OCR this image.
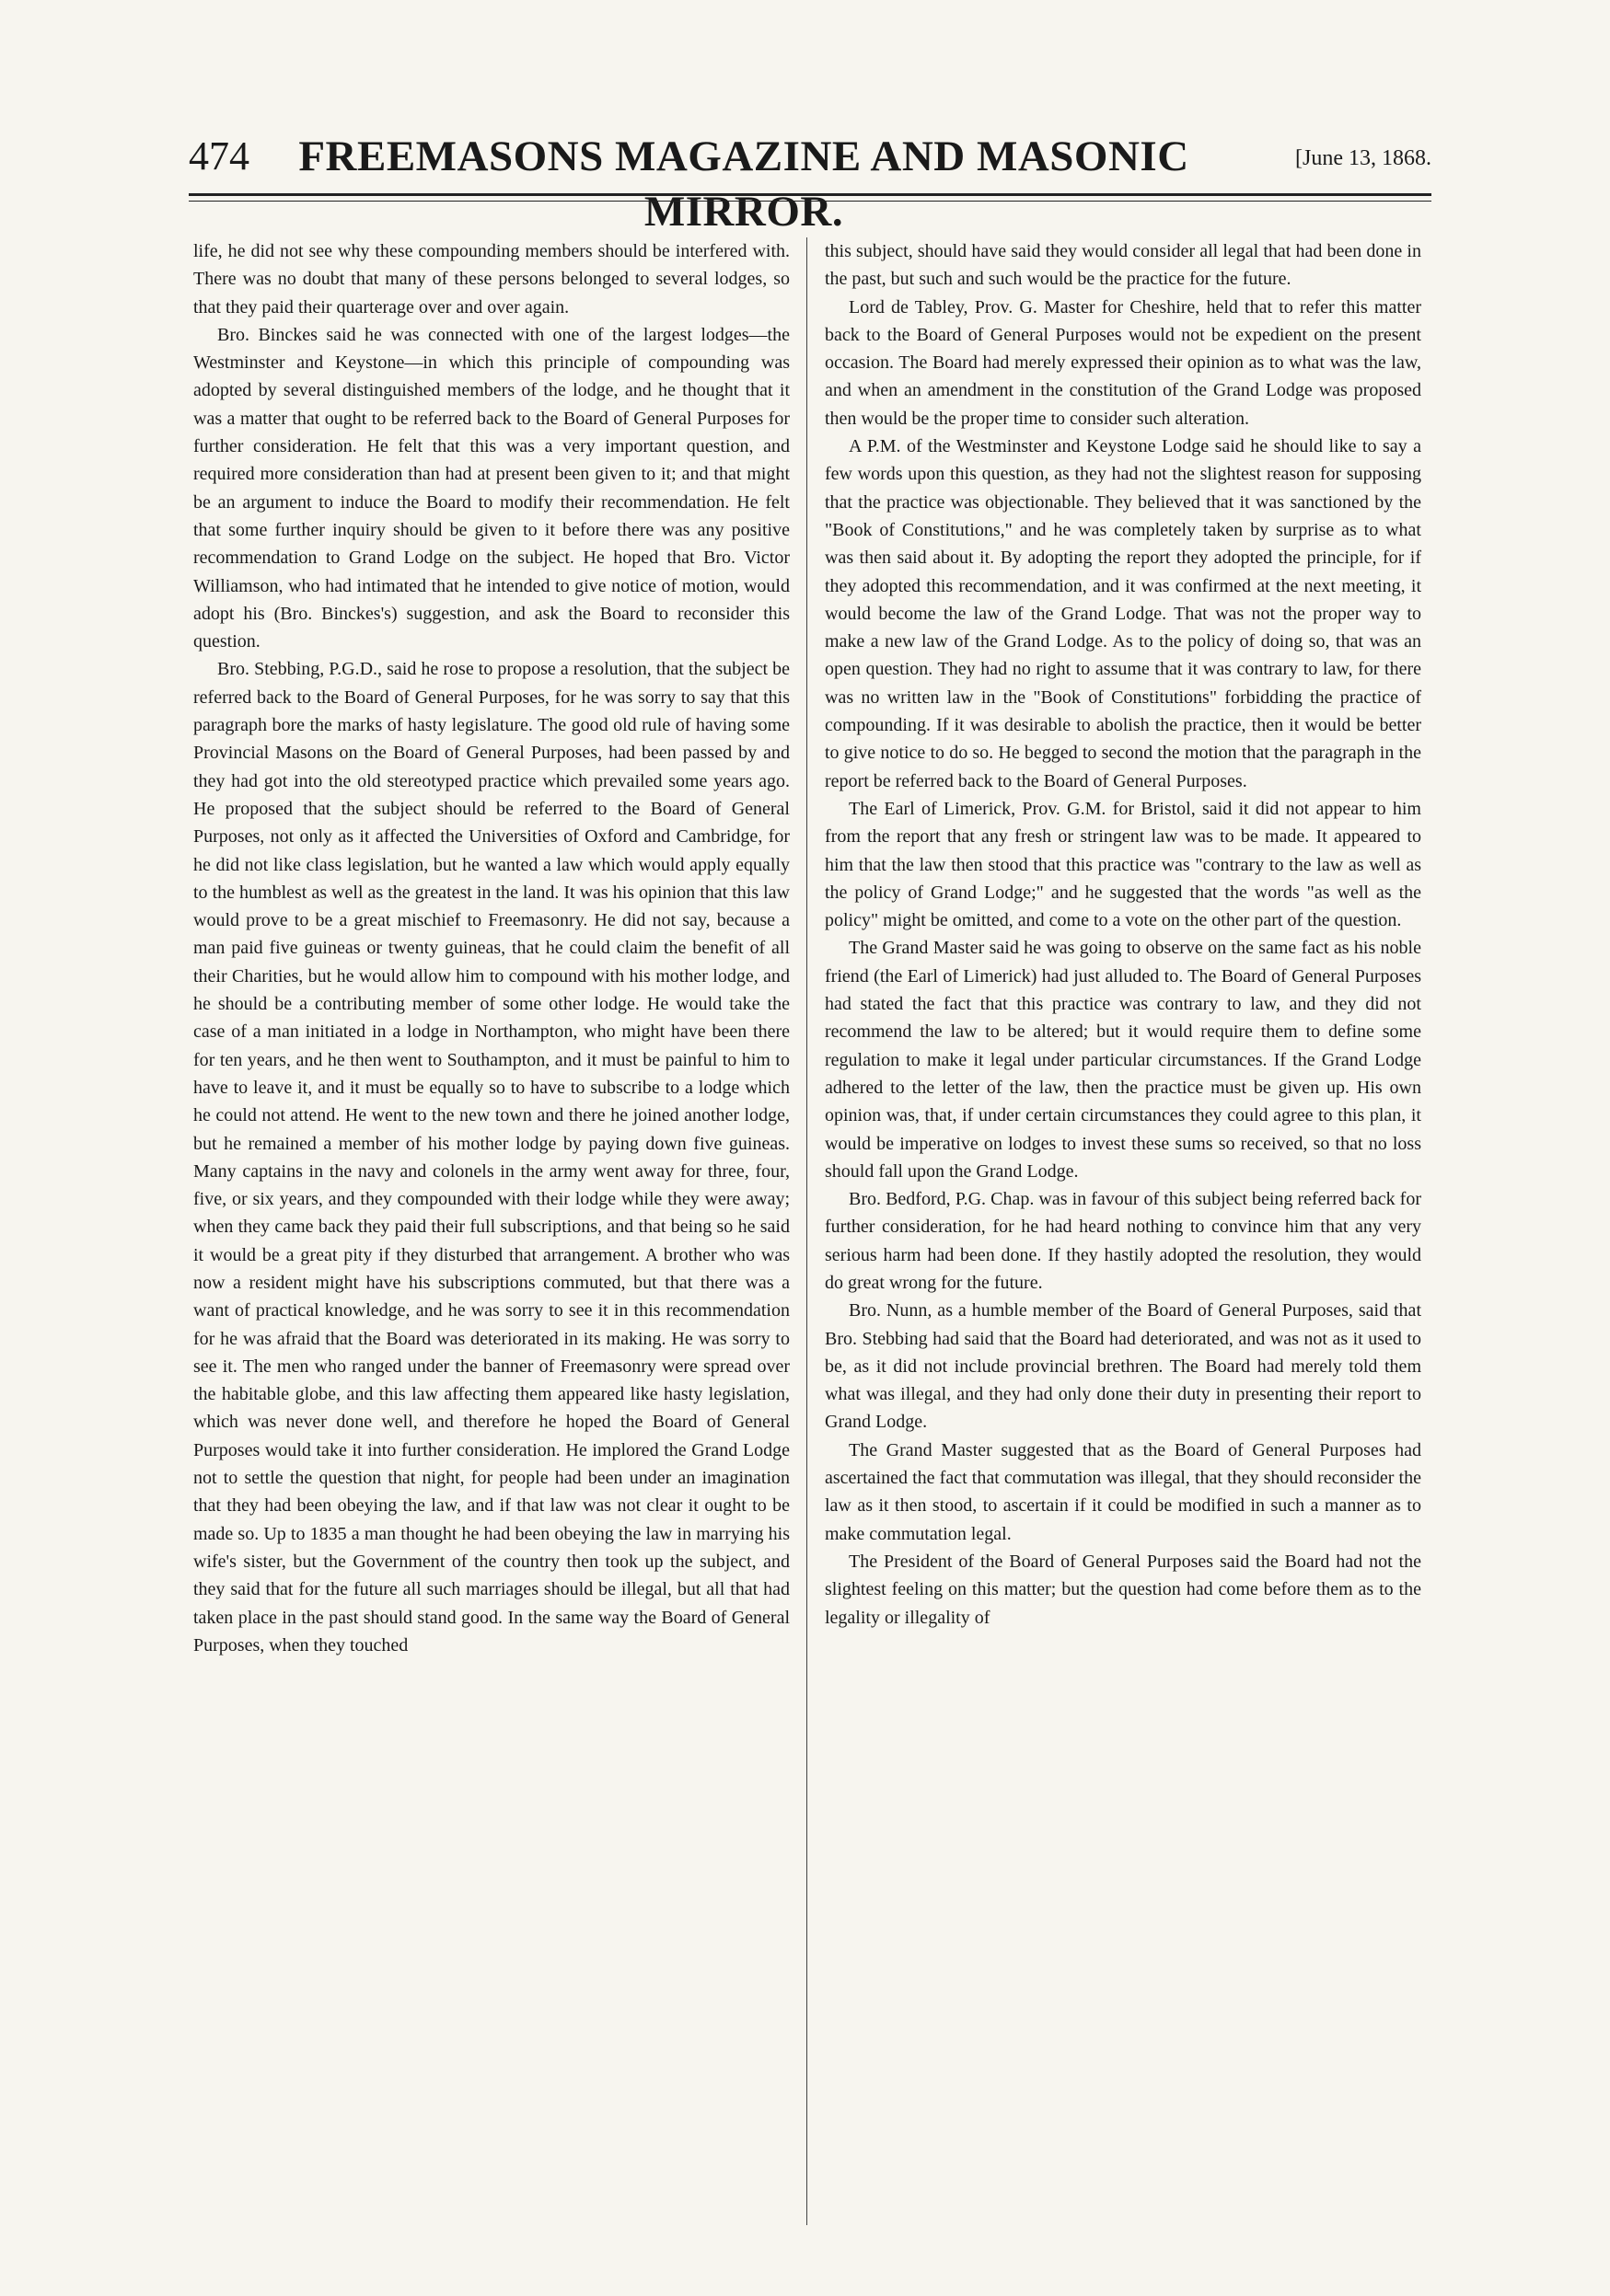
474	FREEMASONS MAGAZINE AND MASONIC MIRROR.
[June 13, 1868.

life, he did not see why these compounding members should be interfered with. There was no doubt that many of these persons belonged to several lodges, so that they paid their quarterage over and over again.

Bro. Binckes said he was connected with one of the largest lodges—the Westminster and Keystone—in which this principle of compounding was adopted by several distinguished members of the lodge, and he thought that it was a matter that ought to be referred back to the Board of General Purposes for further consideration. He felt that this was a very important question, and required more consideration than had at present been given to it; and that might be an argument to induce the Board to modify their recommendation. He felt that some further inquiry should be given to it before there was any positive recommendation to Grand Lodge on the subject. He hoped that Bro. Victor Williamson, who had intimated that he intended to give notice of motion, would adopt his (Bro. Binckes's) suggestion, and ask the Board to reconsider this question.

Bro. Stebbing, P.G.D., said he rose to propose a resolution, that the subject be referred back to the Board of General Purposes, for he was sorry to say that this paragraph bore the marks of hasty legislature. The good old rule of having some Provincial Masons on the Board of General Purposes, had been passed by and they had got into the old stereotyped practice which prevailed some years ago. He proposed that the subject should be referred to the Board of General Purposes, not only as it affected the Universities of Oxford and Cambridge, for he did not like class legislation, but he wanted a law which would apply equally to the humblest as well as the greatest in the land. It was his opinion that this law would prove to be a great mischief to Freemasonry. He did not say, because a man paid five guineas or twenty guineas, that he could claim the benefit of all their Charities, but he would allow him to compound with his mother lodge, and he should be a contributing member of some other lodge. He would take the case of a man initiated in a lodge in Northampton, who might have been there for ten years, and he then went to Southampton, and it must be painful to him to have to leave it, and it must be equally so to have to subscribe to a lodge which he could not attend. He went to the new town and there he joined another lodge, but he remained a member of his mother lodge by paying down five guineas. Many captains in the navy and colonels in the army went away for three, four, five, or six years, and they compounded with their lodge while they were away; when they came back they paid their full subscriptions, and that being so he said it would be a great pity if they disturbed that arrangement. A brother who was now a resident might have his subscriptions commuted, but that there was a want of practical knowledge, and he was sorry to see it in this recommendation for he was afraid that the Board was deteriorated in its making. He was sorry to see it. The men who ranged under the banner of Freemasonry were spread over the habitable globe, and this law affecting them appeared like hasty legislation, which was never done well, and therefore he hoped the Board of General Purposes would take it into further consideration. He implored the Grand Lodge not to settle the question that night, for people had been under an imagination that they had been obeying the law, and if that law was not clear it ought to be made so. Up to 1835 a man thought he had been obeying the law in marrying his wife's sister, but the Government of the country then took up the subject, and they said that for the future all such marriages should be illegal, but all that had taken place in the past should stand good. In the same way the Board of General Purposes, when they touched

this subject, should have said they would consider all legal that had been done in the past, but such and such would be the practice for the future.

Lord de Tabley, Prov. G. Master for Cheshire, held that to refer this matter back to the Board of General Purposes would not be expedient on the present occasion. The Board had merely expressed their opinion as to what was the law, and when an amendment in the constitution of the Grand Lodge was proposed then would be the proper time to consider such alteration.

A P.M. of the Westminster and Keystone Lodge said he should like to say a few words upon this question, as they had not the slightest reason for supposing that the practice was objectionable. They believed that it was sanctioned by the "Book of Constitutions," and he was completely taken by surprise as to what was then said about it. By adopting the report they adopted the principle, for if they adopted this recommendation, and it was confirmed at the next meeting, it would become the law of the Grand Lodge. That was not the proper way to make a new law of the Grand Lodge. As to the policy of doing so, that was an open question. They had no right to assume that it was contrary to law, for there was no written law in the "Book of Constitutions" forbidding the practice of compounding. If it was desirable to abolish the practice, then it would be better to give notice to do so. He begged to second the motion that the paragraph in the report be referred back to the Board of General Purposes.

The Earl of Limerick, Prov. G.M. for Bristol, said it did not appear to him from the report that any fresh or stringent law was to be made. It appeared to him that the law then stood that this practice was "contrary to the law as well as the policy of Grand Lodge;" and he suggested that the words "as well as the policy" might be omitted, and come to a vote on the other part of the question.

The Grand Master said he was going to observe on the same fact as his noble friend (the Earl of Limerick) had just alluded to. The Board of General Purposes had stated the fact that this practice was contrary to law, and they did not recommend the law to be altered; but it would require them to define some regulation to make it legal under particular circumstances. If the Grand Lodge adhered to the letter of the law, then the practice must be given up. His own opinion was, that, if under certain circumstances they could agree to this plan, it would be imperative on lodges to invest these sums so received, so that no loss should fall upon the Grand Lodge.

Bro. Bedford, P.G. Chap. was in favour of this subject being referred back for further consideration, for he had heard nothing to convince him that any very serious harm had been done. If they hastily adopted the resolution, they would do great wrong for the future.

Bro. Nunn, as a humble member of the Board of General Purposes, said that Bro. Stebbing had said that the Board had deteriorated, and was not as it used to be, as it did not include provincial brethren. The Board had merely told them what was illegal, and they had only done their duty in presenting their report to Grand Lodge.

The Grand Master suggested that as the Board of General Purposes had ascertained the fact that commutation was illegal, that they should reconsider the law as it then stood, to ascertain if it could be modified in such a manner as to make commutation legal.

The President of the Board of General Purposes said the Board had not the slightest feeling on this matter; but the question had come before them as to the legality or illegality of
